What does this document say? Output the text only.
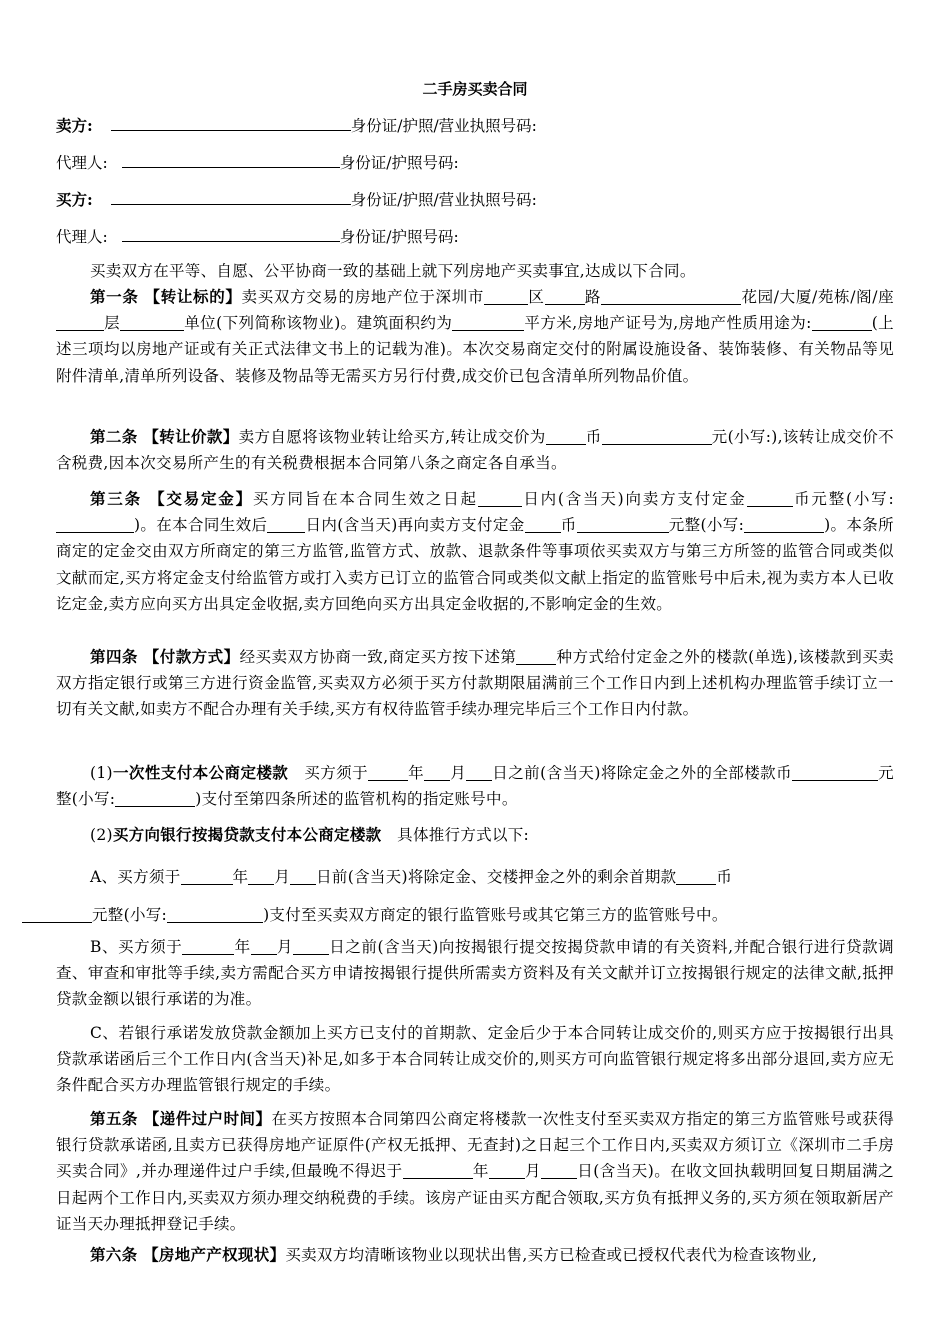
二手房买卖合同
卖方:	身份证/护照/营业执照号码:
代理人:	身份证/护照号码:
买方:	身份证/护照/营业执照号码:
代理人:	身份证/护照号码:
买卖双方在平等、自愿、公平协商一致的基础上就下列房地产买卖事宜,达成以下合同。
第一条 【转让标的】卖买双方交易的房地产位于深圳市	区	路	花园/大厦/苑栋/阁/座层	单位(下列简称该物业)。建筑面积约为	平方米,房地产证号为,房地产性质用途为:	(上述三项均以房地产证或有关正式法律文书上的记载为准)。本次交易商定交付的附属设施设备、装饰装修、有关物品等见附件清单,清单所列设备、装修及物品等无需买方另行付费,成交价已包含清单所列物品价值。
第二条 【转让价款】卖方自愿将该物业转让给买方,转让成交价为	币	元(小写:),该转让成交价不含税费,因本次交易所产生的有关税费根据本合同第八条之商定各自承当。
第三条 【交易定金】买方同旨在本合同生效之日起	日内(含当天)向卖方支付定金	币元整(小写:)。在本合同生效后 日内(含当天)再向卖方支付定金 币	元整(小写:	)。本条所商定的定金交由双方所商定的第三方监管,监管方式、放款、退款条件等事项依买卖双方与第三方所签的监管合同或类似文献而定,买方将定金支付给监管方或打入卖方已订立的监管合同或类似文献上指定的监管账号中后未,视为卖方本人已收讫定金,卖方应向买方出具定金收据,卖方回绝向买方出具定金收据的,不影响定金的生效。
第四条 【付款方式】经买卖双方协商一致,商定买方按下述第	种方式给付定金之外的楼款(单选),该楼款到买卖双方指定银行或第三方进行资金监管,买卖双方必须于买方付款期限届满前三个工作日内到上述机构办理监管手续订立一切有关文献,如卖方不配合办理有关手续,买方有权待监管手续办理完毕后三个工作日内付款。
(1)一次性支付本公商定楼款 买方须于	年 月 日之前(含当天)将除定金之外的全部楼款币	元整(小写:	)支付至第四条所述的监管机构的指定账号中。
(2)买方向银行按揭贷款支付本公商定楼款 具体推行方式以下:
A、买方须于	年 月 日前(含当天)将除定金、交楼押金之外的剩余首期款	币
元整(小写:	)支付至买卖双方商定的银行监管账号或其它第三方的监管账号中。
B、买方须于	年 月 日之前(含当天)向按揭银行提交按揭贷款申请的有关资料,并配合银行进行贷款调查、审查和审批等手续,卖方需配合买方申请按揭银行提供所需卖方资料及有关文献并订立按揭银行规定的法律文献,抵押贷款金额以银行承诺的为准。
C、若银行承诺发放贷款金额加上买方已支付的首期款、定金后少于本合同转让成交价的,则买方应于按揭银行出具贷款承诺函后三个工作日内(含当天)补足,如多于本合同转让成交价的,则买方可向监管银行规定将多出部分退回,卖方应无条件配合买方办理监管银行规定的手续。
第五条 【递件过户时间】在买方按照本合同第四公商定将楼款一次性支付至买卖双方指定的第三方监管账号或获得银行贷款承诺函,且卖方已获得房地产证原件(产权无抵押、无查封)之日起三个工作日内,买卖双方须订立《深圳市二手房买卖合同》,并办理递件过户手续,但最晚不得迟于	年 月 日(含当天)。在收文回执载明回复日期届满之日起两个工作日内,买卖双方须办理交纳税费的手续。该房产证由买方配合领取,买方负有抵押义务的,买方须在领取新居产证当天办理抵押登记手续。
第六条 【房地产产权现状】买卖双方均清晰该物业以现状出售,买方已检查或已授权代表代为检查该物业,
